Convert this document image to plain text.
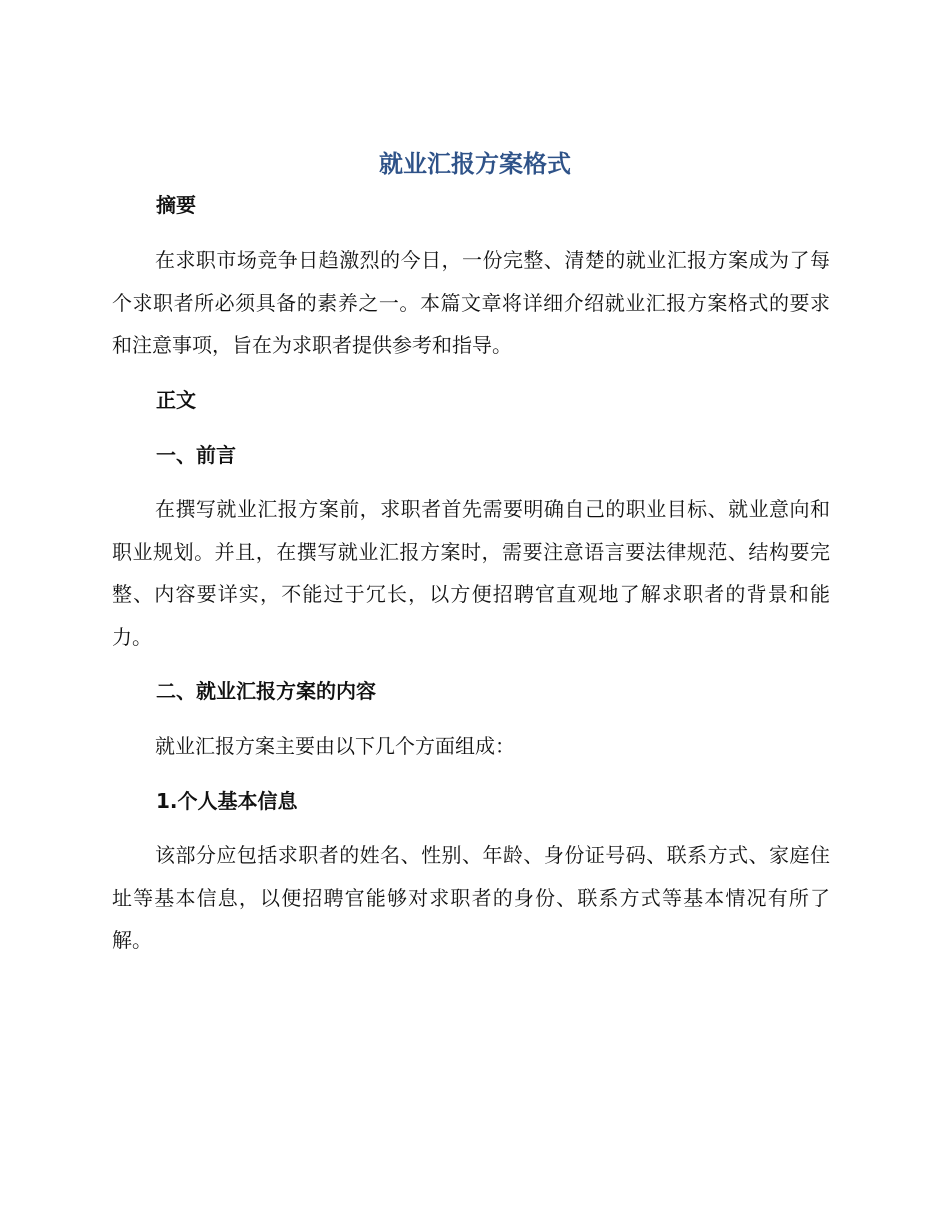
就业汇报方案格式
摘要

在求职市场竞争日趋激烈的今日，一份完整、清楚的就业汇报方案成为了每个求职者所必须具备的素养之一。本篇文章将详细介绍就业汇报方案格式的要求和注意事项，旨在为求职者提供参考和指导。

正文
一、前言

在撰写就业汇报方案前，求职者首先需要明确自己的职业目标、就业意向和职业规划。并且，在撰写就业汇报方案时，需要注意语言要法律规范、结构要完整、内容要详实，不能过于冗长，以方便招聘官直观地了解求职者的背景和能力。

二、就业汇报方案的内容

就业汇报方案主要由以下几个方面组成：

1.个人基本信息

该部分应包括求职者的姓名、性别、年龄、身份证号码、联系方式、家庭住址等基本信息，以便招聘官能够对求职者的身份、联系方式等基本情况有所了解。
